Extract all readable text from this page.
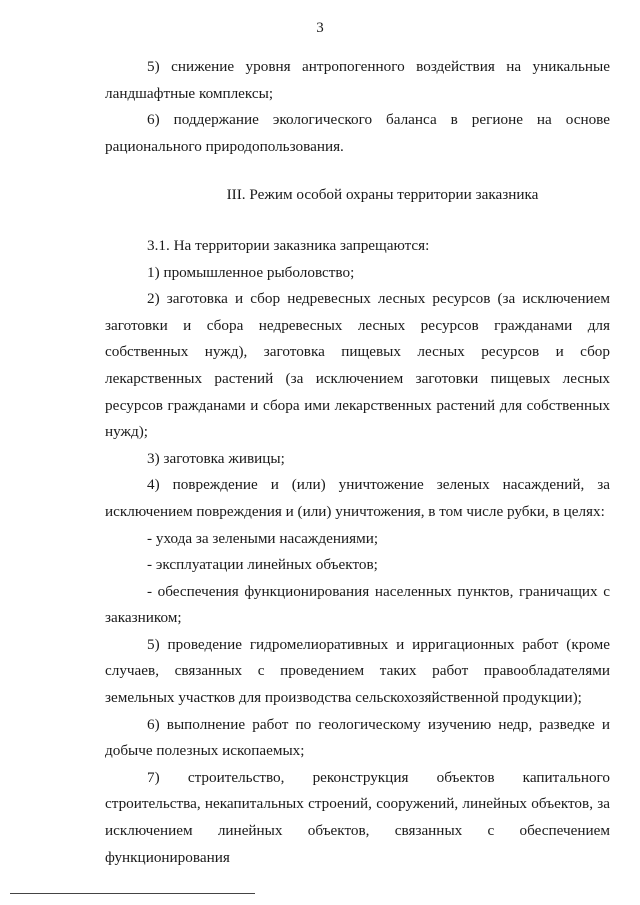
3

5) снижение уровня антропогенного воздействия на уникальные ландшафтные комплексы;

6) поддержание экологического баланса в регионе на основе рационального природопользования.

III. Режим особой охраны территории заказника

3.1. На территории заказника запрещаются:

1) промышленное рыболовство;

2) заготовка и сбор недревесных лесных ресурсов (за исключением заготовки и сбора недревесных лесных ресурсов гражданами для собственных нужд), заготовка пищевых лесных ресурсов и сбор лекарственных растений (за исключением заготовки пищевых лесных ресурсов гражданами и сбора ими лекарственных растений для собственных нужд);

3) заготовка живицы;

4) повреждение и (или) уничтожение зеленых насаждений, за исключением повреждения и (или) уничтожения, в том числе рубки, в целях:

- ухода за зелеными насаждениями;

- эксплуатации линейных объектов;

- обеспечения функционирования населенных пунктов, граничащих с заказником;

5) проведение гидромелиоративных и ирригационных работ (кроме случаев, связанных с проведением таких работ правообладателями земельных участков для производства сельскохозяйственной продукции);

6) выполнение работ по геологическому изучению недр, разведке и добыче полезных ископаемых;

7) строительство, реконструкция объектов капитального строительства, некапитальных строений, сооружений, линейных объектов, за исключением линейных объектов, связанных с обеспечением функционирования
